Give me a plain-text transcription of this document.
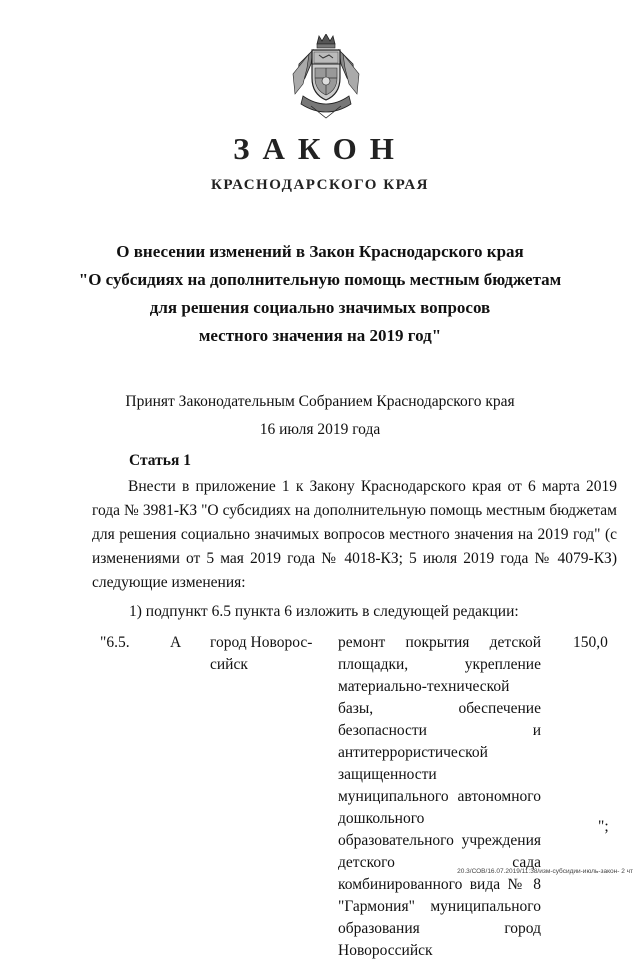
ЗАКОН
КРАСНОДАРСКОГО КРАЯ
О внесении изменений в Закон Краснодарского края
"О субсидиях на дополнительную помощь местным бюджетам
для решения социально значимых вопросов
местного значения на 2019 год"
Принят Законодательным Собранием Краснодарского края
16 июля 2019 года
Статья 1

Внести в приложение 1 к Закону Краснодарского края от 6 марта 2019 года № 3981-КЗ "О субсидиях на дополнительную помощь местным бюджетам для решения социально значимых вопросов местного значения на 2019 год" (с изменениями от 5 мая 2019 года № 4018-КЗ; 5 июля 2019 года № 4079-КЗ) следующие изменения:

1) подпункт 6.5 пункта 6 изложить в следующей редакции:
"6.5.	А город Новорос-сийск
ремонт покрытия детской площадки, укрепление материально-технической базы, обеспечение безопасности и антитеррористической защищенности муниципального автономного дошкольного образовательного учреждения детского сада комбинированного вида № 8 "Гармония" муниципального образования город Новороссийск
150,0
";
20.3/СОВ/16.07.2019/11:38/изм-субсидии-июль-закон- 2 чт
